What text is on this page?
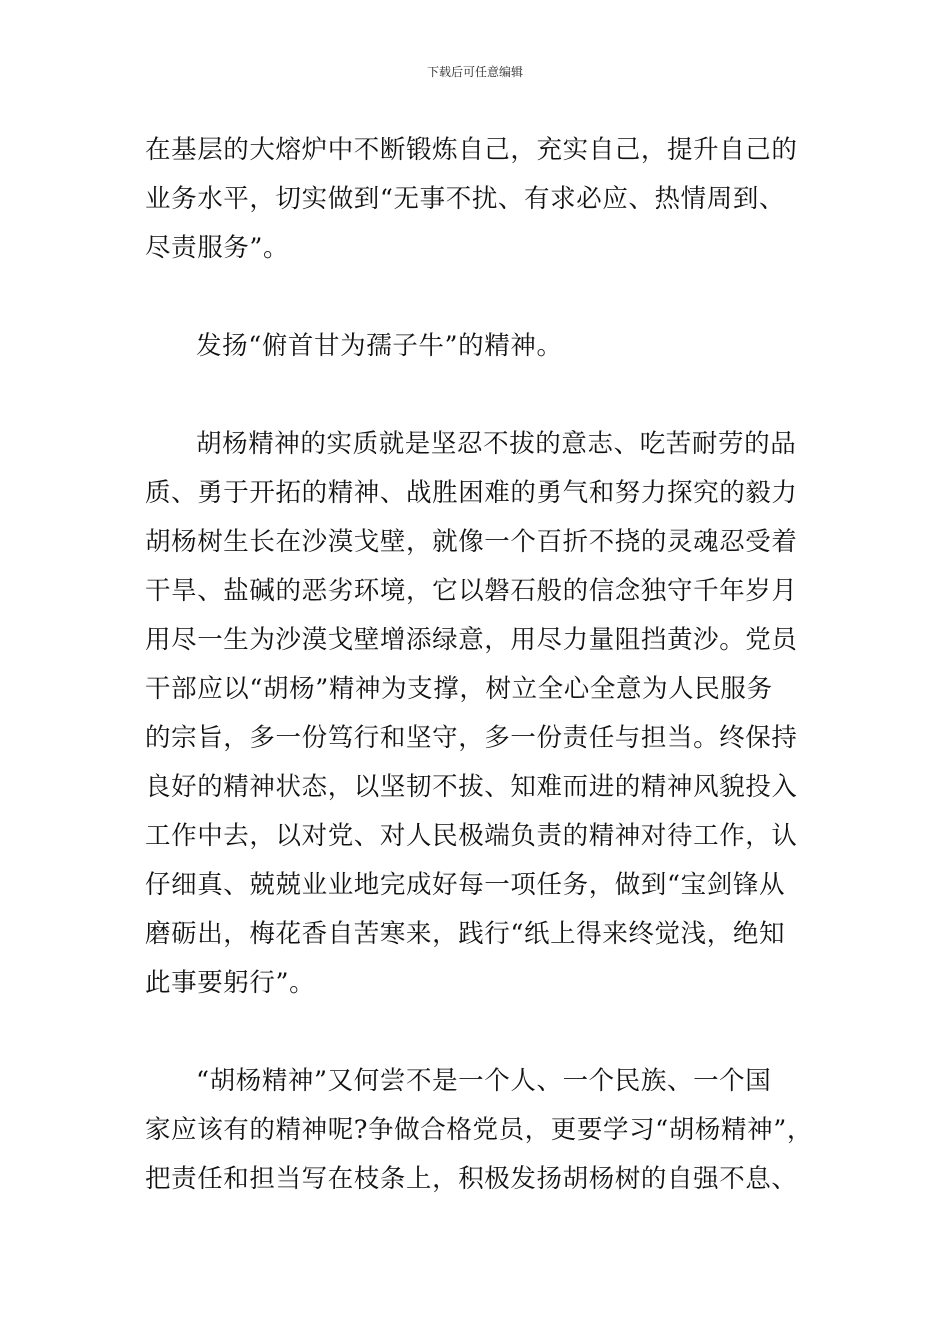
下载后可任意编辑
在基层的大熔炉中不断锻炼自己，充实自己，提升自己的
业务水平，切实做到“无事不扰、有求必应、热情周到、
尽责服务”。
发扬“俯首甘为孺子牛”的精神。
胡杨精神的实质就是坚忍不拔的意志、吃苦耐劳的品
质、勇于开拓的精神、战胜困难的勇气和努力探究的毅力
胡杨树生长在沙漠戈壁，就像一个百折不挠的灵魂忍受着
干旱、盐碱的恶劣环境，它以磐石般的信念独守千年岁月
用尽一生为沙漠戈壁增添绿意，用尽力量阻挡黄沙。党员
干部应以“胡杨”精神为支撑，树立全心全意为人民服务
的宗旨，多一份笃行和坚守，多一份责任与担当。终保持
良好的精神状态，以坚韧不拔、知难而进的精神风貌投入
工作中去，以对党、对人民极端负责的精神对待工作，认
仔细真、兢兢业业地完成好每一项任务，做到“宝剑锋从
磨砺出，梅花香自苦寒来，践行“纸上得来终觉浅，绝知
此事要躬行”。
“胡杨精神”又何尝不是一个人、一个民族、一个国
家应该有的精神呢?争做合格党员，更要学习“胡杨精神”，
把责任和担当写在枝条上，积极发扬胡杨树的自强不息、
